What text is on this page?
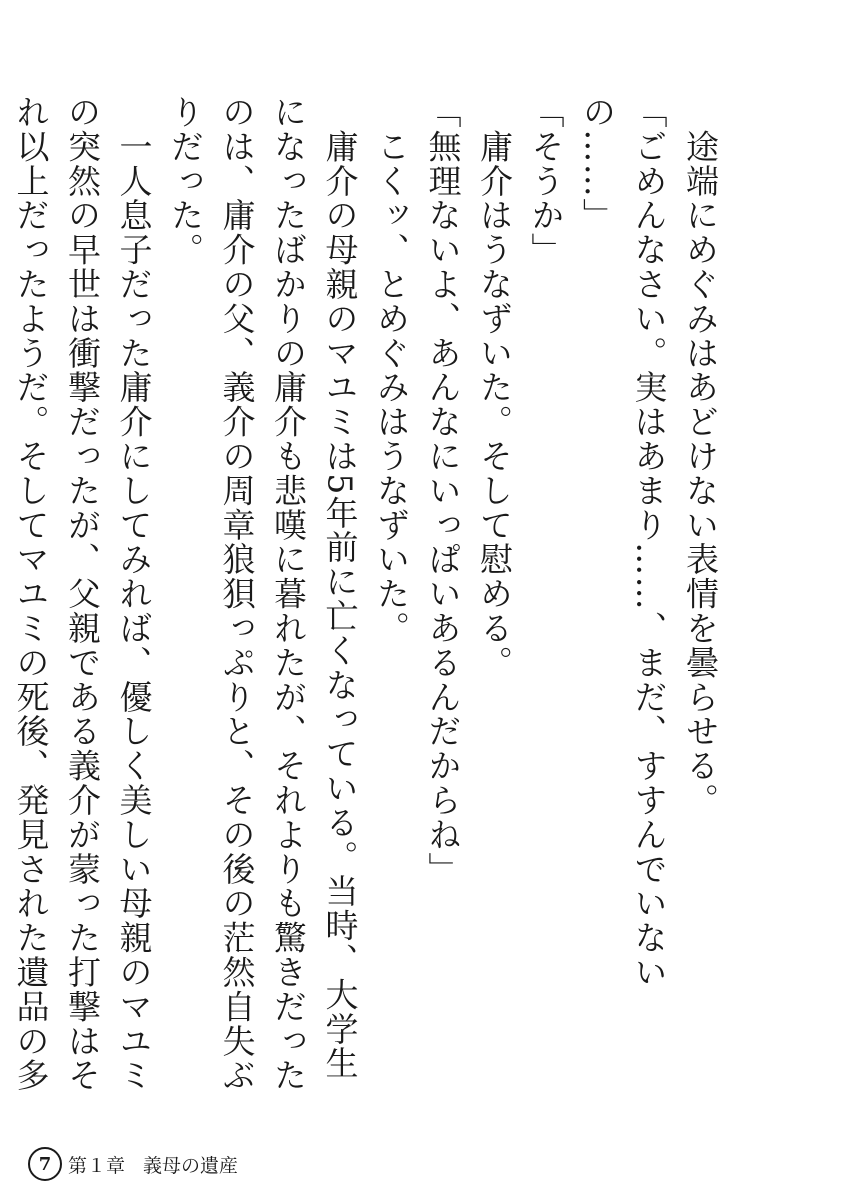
　途端にめぐみはあどけない表情を曇らせる。

「ごめんなさい。実はあまり……、まだ、すすんでいないの……」

「そうか」

　庸介はうなずいた。そして慰める。

「無理ないよ、あんなにいっぱいあるんだからね」

　こくッ、とめぐみはうなずいた。

　庸介の母親のマユミは5年前に亡くなっている。当時、大学生になったばかりの庸介も悲嘆に暮れたが、それよりも驚きだったのは、庸介の父、義介の周章狼狽っぷりと、その後の茫然自失ぶりだった。

　一人息子だった庸介にしてみれば、優しく美しい母親のマユミの突然の早世は衝撃だったが、父親である義介が蒙った打撃はそれ以上だったようだ。そしてマユミの死後、発見された遺品の多

7 第１章 義母の遺産
